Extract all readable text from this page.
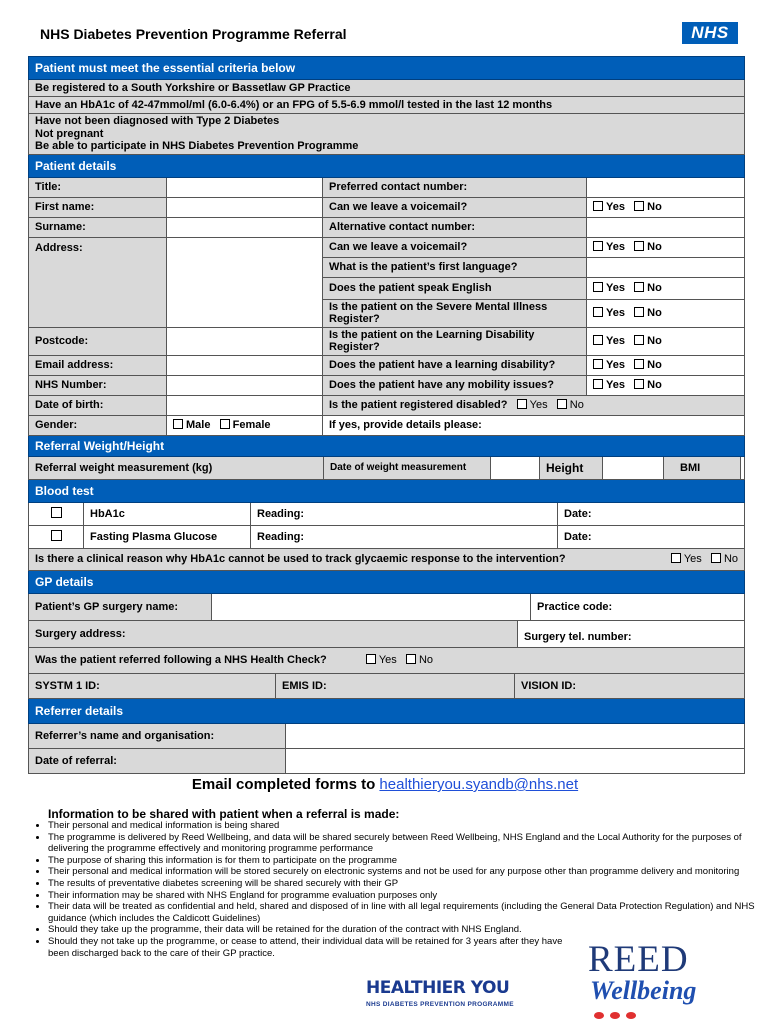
NHS Diabetes Prevention Programme Referral	NHS
Patient must meet the essential criteria below
Be registered to a South Yorkshire or Bassetlaw GP Practice
Have an HbA1c of 42-47mmol/ml (6.0-6.4%) or an FPG of 5.5-6.9 mmol/l tested in the last 12 months

Have not been diagnosed with Type 2 Diabetes
Not pregnant
Be able to participate in NHS Diabetes Prevention Programme

Patient details
Title:		Preferred contact number:	
First name:		Can we leave a voicemail?	Yes No
Surname:		Alternative contact number:	
Address:		Can we leave a voicemail?	Yes No
What is the patient’s first language?	
Does the patient speak English	Yes No
Is the patient on the Severe Mental Illness Register?	Yes No
Postcode:		Is the patient on the Learning Disability Register?	Yes No
Email address:		Does the patient have a learning disability?	Yes No
NHS Number:		Does the patient have any mobility issues?	Yes No
Date of birth:		Is the patient registered disabled? Yes No
Gender:	Male Female	If yes, provide details please:
Referral Weight/Height

Referral weight measurement (kg)	Date of weight measurement		Height		BMI	

Blood test

	HbA1c	Reading:	Date:

	Fasting Plasma Glucose	Reading:	Date:

Is there a clinical reason why HbA1c cannot be used to track glycaemic response to the intervention?	Yes No

GP details

Patient’s GP surgery name:		Practice code:

Surgery address:	Surgery tel. number:

Was the patient referred following a NHS Health Check?	Yes No

SYSTM 1 ID:	EMIS ID:	VISION ID:

Referrer details

Referrer’s name and organisation:	

Date of referral:	
Email completed forms to healthieryou.syandb@nhs.net
Information to be shared with patient when a referral is made:
• Their personal and medical information is being shared
• The programme is delivered by Reed Wellbeing, and data will be shared securely between Reed Wellbeing, NHS England and the Local Authority for the purposes of delivering the programme effectively and monitoring programme performance
• The purpose of sharing this information is for them to participate on the programme
• Their personal and medical information will be stored securely on electronic systems and not be used for any purpose other than programme delivery and monitoring
• The results of preventative diabetes screening will be shared securely with their GP
• Their information may be shared with NHS England for programme evaluation purposes only
• Their data will be treated as confidential and held, shared and disposed of in line with all legal requirements (including the General Data Protection Regulation) and NHS guidance (which includes the Caldicott Guidelines)
• Should they take up the programme, their data will be retained for the duration of the contract with NHS England.
• Should they not take up the programme, or cease to attend, their individual data will be retained for 3 years after they have been discharged back to the care of their GP practice.
HEALTHIER YOU
NHS DIABETES PREVENTION PROGRAMME
REED
Wellbeing
